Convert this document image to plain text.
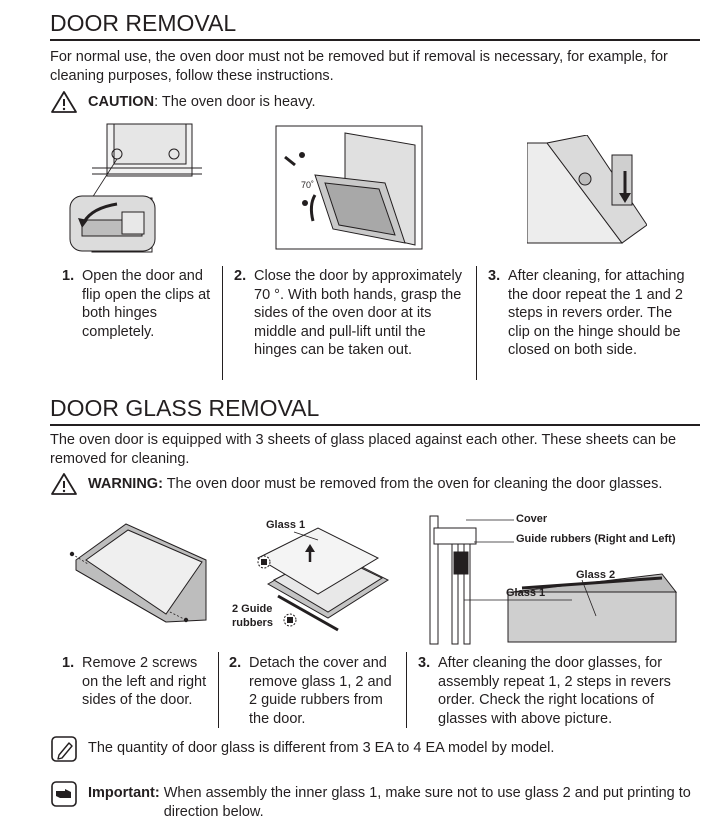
DOOR REMOVAL
For normal use, the oven door must not be removed but if removal is necessary, for example, for cleaning purposes, follow these instructions.
CAUTION: The oven door is heavy.
70˚
1. Open the door and flip open the clips at both hinges completely.
2. Close the door by approximately 70 °. With both hands, grasp the sides of the oven door at its middle and pull-lift until the hinges can be taken out.
3. After cleaning, for attaching the door repeat the 1 and 2 steps in revers order. The clip on the hinge should be closed on both side.
DOOR GLASS REMOVAL
The oven door is equipped with 3 sheets of glass placed against each other. These sheets can be removed for cleaning.
WARNING: The oven door must be removed from the oven for cleaning the door glasses.
Glass 1
2 Guide
rubbers
Cover
Guide rubbers (Right and Left)
Glass 2
Glass 1
1. Remove 2 screws on the left and right sides of the door.
2. Detach the cover and remove glass 1, 2 and 2 guide rubbers from the door.
3. After cleaning the door glasses, for assembly repeat 1, 2 steps in revers order. Check the right locations of glasses with above picture.
The quantity of door glass is different from 3 EA to 4 EA model by model.
Important: When assembly the inner glass 1, make sure not to use glass 2 and put printing to direction below.
